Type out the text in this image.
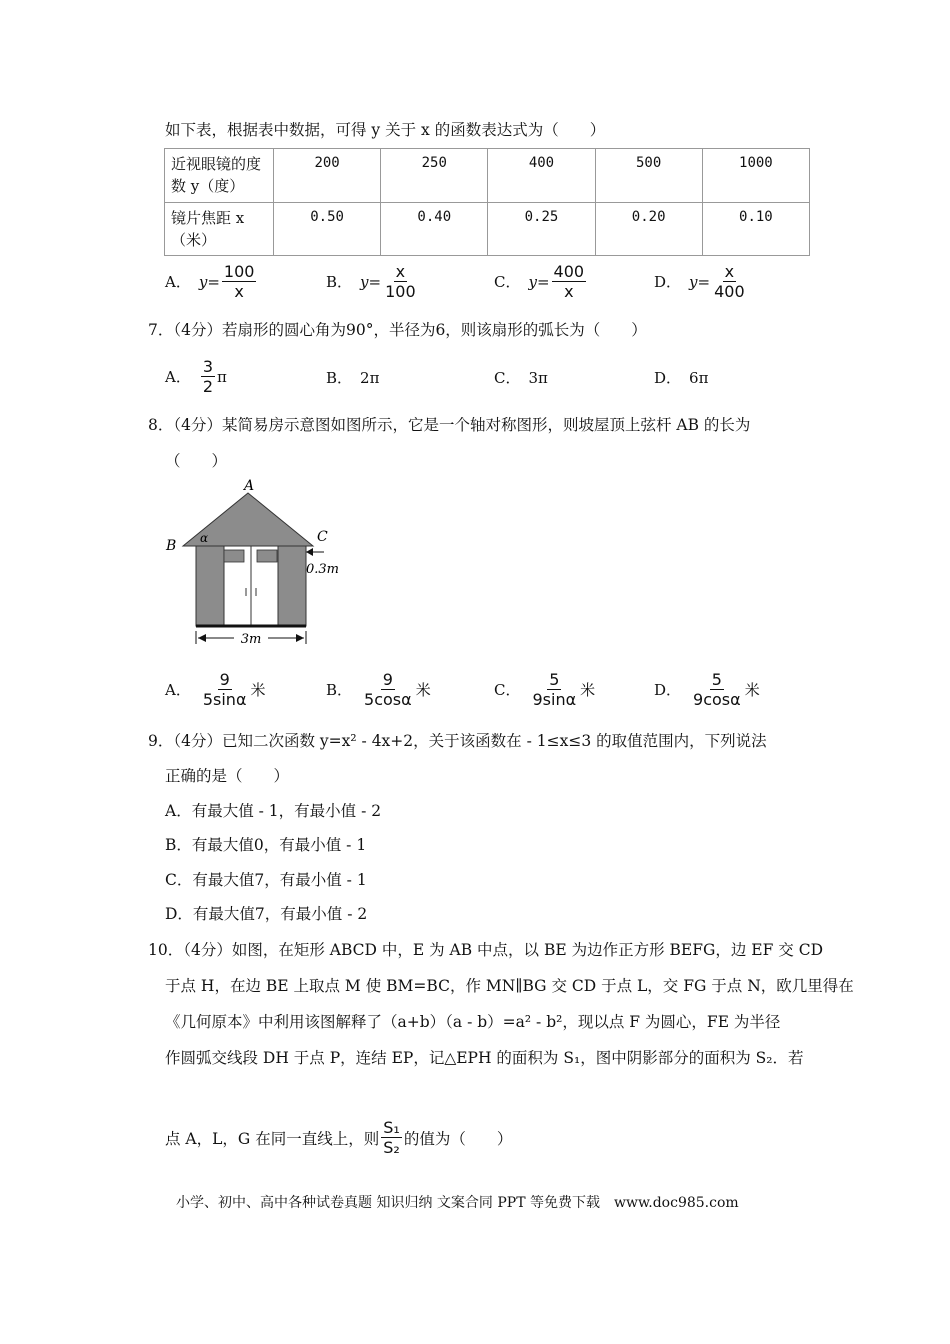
如下表，根据表中数据，可得 y 关于 x 的函数表达式为（　　）
近视眼镜的度
数 y（度）	200	250	400	500	1000

镜片焦距 x
（米）	0.50	0.40	0.25	0.20	0.10
A． $y= \frac{100}{x}$	B． $y= \frac{x}{100}$	C． $y= \frac{400}{x}$	D． $y= \frac{x}{400}$
7．（4分）若扇形的圆心角为90°，半径为6，则该扇形的弧长为（　　）
A． $\frac{3}{2}$ π	B． 2π	C． 3π	D． 6π
8．（4分）某简易房示意图如图所示，它是一个轴对称图形，则坡屋顶上弦杆 AB 的长为
（　　）
3m
0.3m
A
B
C
α
A． $\frac{9}{5\sin\alpha}$ 米	B． $\frac{9}{5\cos\alpha}$ 米	C． $\frac{5}{9\sin\alpha}$ 米	D． $\frac{5}{9\cos\alpha}$ 米
9．（4分）已知二次函数 y=x² - 4x+2，关于该函数在 - 1≤x≤3 的取值范围内，下列说法
正确的是（　　）
A．有最大值 - 1，有最小值 - 2
B．有最大值0，有最小值 - 1
C．有最大值7，有最小值 - 1
D．有最大值7，有最小值 - 2
10．（4分）如图，在矩形 ABCD 中，E 为 AB 中点，以 BE 为边作正方形 BEFG，边 EF 交 CD
于点 H，在边 BE 上取点 M 使 BM=BC，作 MN∥BG 交 CD 于点 L，交 FG 于点 N，欧几里得在
《几何原本》中利用该图解释了（a+b）（a - b）=a² - b²，现以点 F 为圆心，FE 为半径
作圆弧交线段 DH 于点 P，连结 EP，记△EPH 的面积为 S₁，图中阴影部分的面积为 S₂．若
点 A，L，G 在同一直线上，则 $\frac{\text{S₁}}{\text{S₂}}$ 的值为（　　）
小学、初中、高中各种试卷真题 知识归纳 文案合同 PPT 等免费下载　www.doc985.com
